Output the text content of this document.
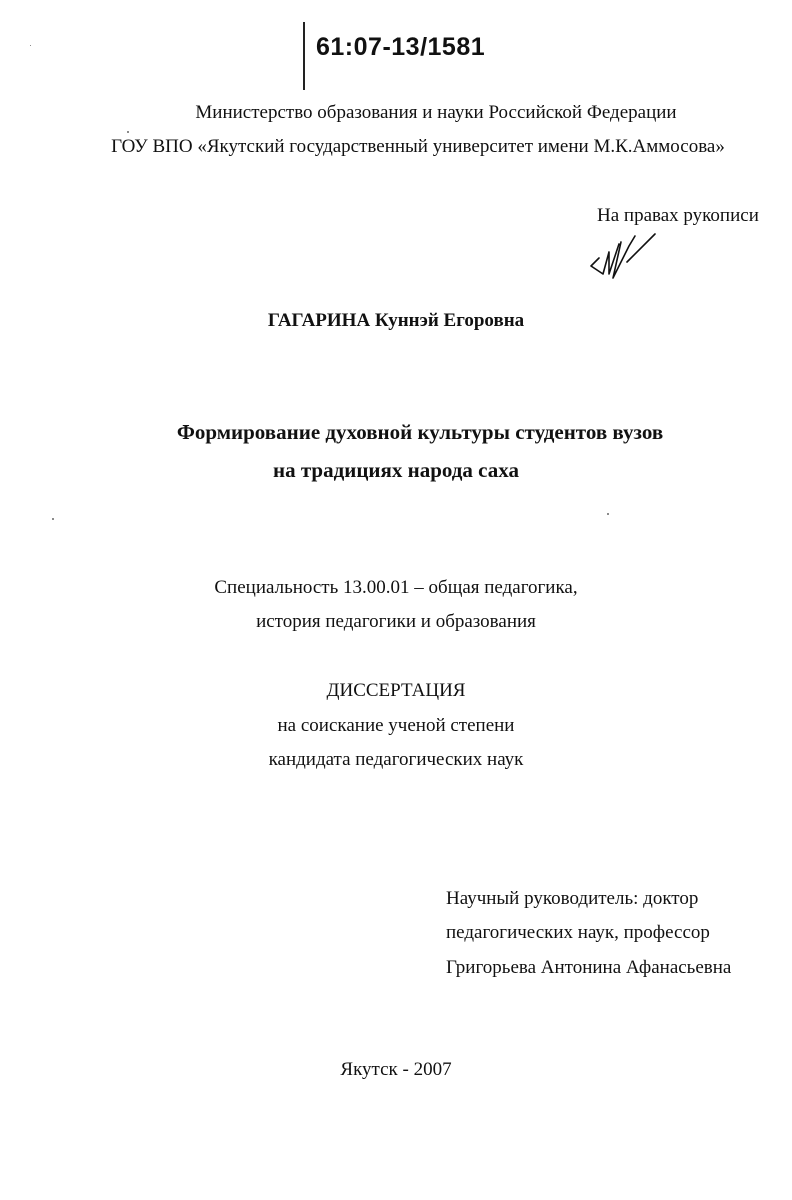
61:07-13/1581
Министерство образования и науки Российской Федерации
ГОУ ВПО «Якутский государственный университет имени М.К.Аммосова»
На правах рукописи
ГАГАРИНА Куннэй Егоровна
Формирование духовной культуры студентов вузов
на традициях народа саха
Специальность 13.00.01 – общая педагогика,
история педагогики и образования
ДИССЕРТАЦИЯ
на соискание ученой степени
кандидата педагогических наук
Научный руководитель: доктор
педагогических наук, профессор
Григорьева Антонина Афанасьевна
Якутск - 2007
